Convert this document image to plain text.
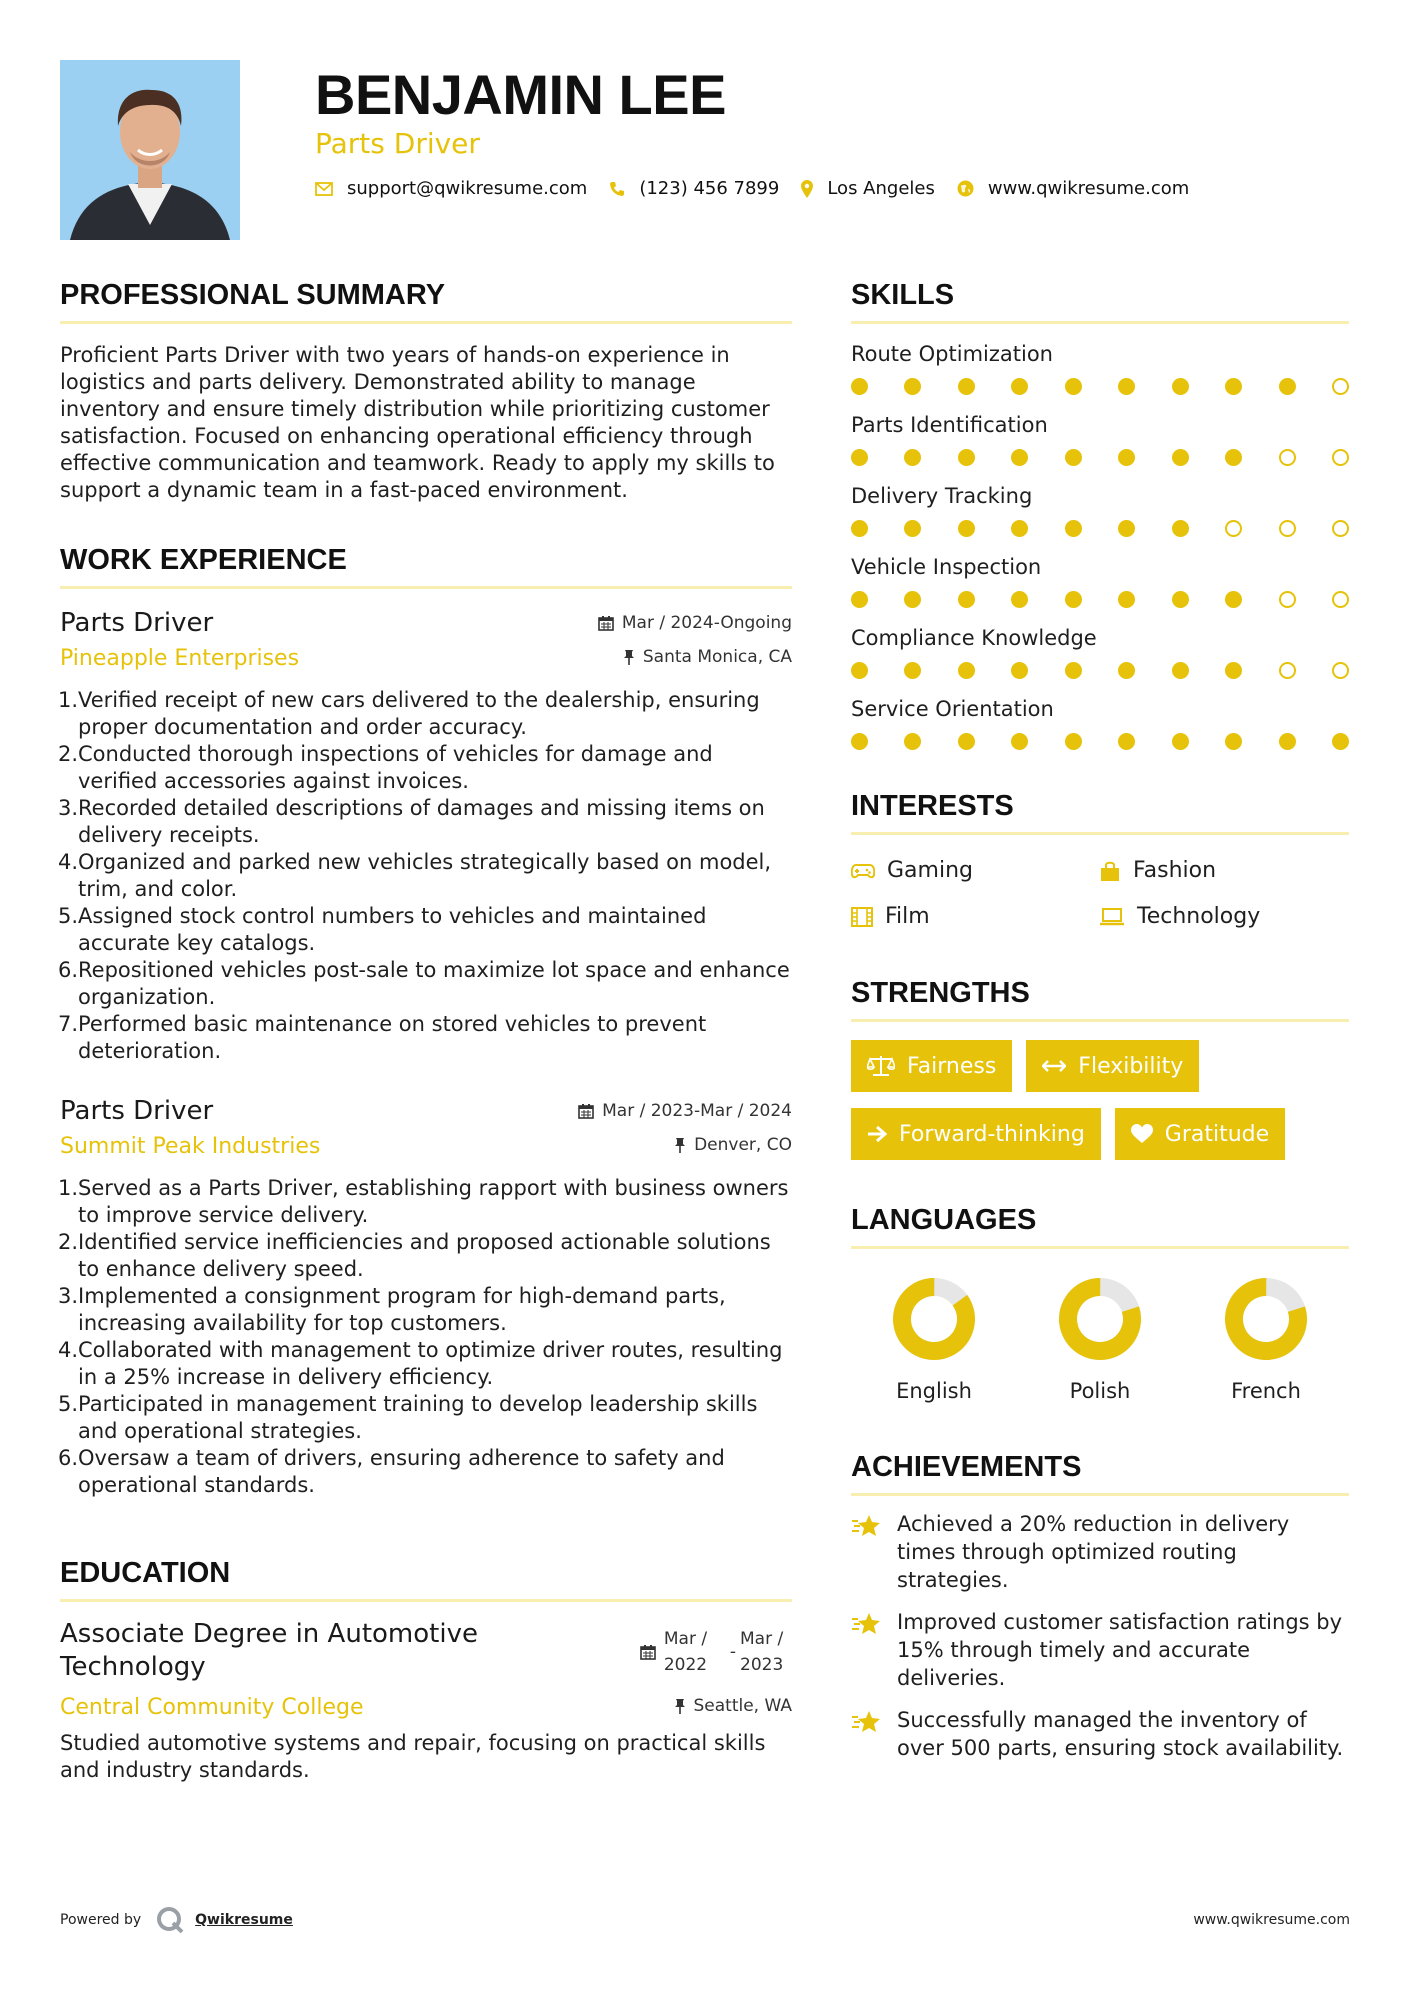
BENJAMIN LEE
Parts Driver
support@qwikresume.com	(123) 456 7899	Los Angeles	www.qwikresume.com
PROFESSIONAL SUMMARY

Proficient Parts Driver with two years of hands-on experience in logistics and parts delivery. Demonstrated ability to manage inventory and ensure timely distribution while prioritizing customer satisfaction. Focused on enhancing operational efficiency through effective communication and teamwork. Ready to apply my skills to support a dynamic team in a fast-paced environment.

WORK EXPERIENCE
Parts Driver	Mar / 2024-Ongoing
Pineapple Enterprises	Santa Monica, CA
1. Verified receipt of new cars delivered to the dealership, ensuring proper documentation and order accuracy.
2. Conducted thorough inspections of vehicles for damage and verified accessories against invoices.
3. Recorded detailed descriptions of damages and missing items on delivery receipts.
4. Organized and parked new vehicles strategically based on model, trim, and color.
5. Assigned stock control numbers to vehicles and maintained accurate key catalogs.
6. Repositioned vehicles post-sale to maximize lot space and enhance organization.
7. Performed basic maintenance on stored vehicles to prevent deterioration.
Parts Driver	Mar / 2023-Mar / 2024
Summit Peak Industries	Denver, CO
1. Served as a Parts Driver, establishing rapport with business owners to improve service delivery.
2. Identified service inefficiencies and proposed actionable solutions to enhance delivery speed.
3. Implemented a consignment program for high-demand parts, increasing availability for top customers.
4. Collaborated with management to optimize driver routes, resulting in a 25% increase in delivery efficiency.
5. Participated in management training to develop leadership skills and operational strategies.
6. Oversaw a team of drivers, ensuring adherence to safety and operational standards.
EDUCATION
Associate Degree in Automotive Technology
Mar /
2022
-
Mar /
2023
Central Community College	Seattle, WA

Studied automotive systems and repair, focusing on practical skills and industry standards.

SKILLS
Route Optimization
Parts Identification
Delivery Tracking
Vehicle Inspection
Compliance Knowledge
Service Orientation
INTERESTS
Gaming	Fashion
Film	Technology
STRENGTHS
Fairness	Flexibility
Forward-thinking	Gratitude
LANGUAGES
English	Polish	French
ACHIEVEMENTS
Achieved a 20% reduction in delivery times through optimized routing strategies.
Improved customer satisfaction ratings by 15% through timely and accurate deliveries.
Successfully managed the inventory of over 500 parts, ensuring stock availability.
Powered by	Qwikresume	www.qwikresume.com
